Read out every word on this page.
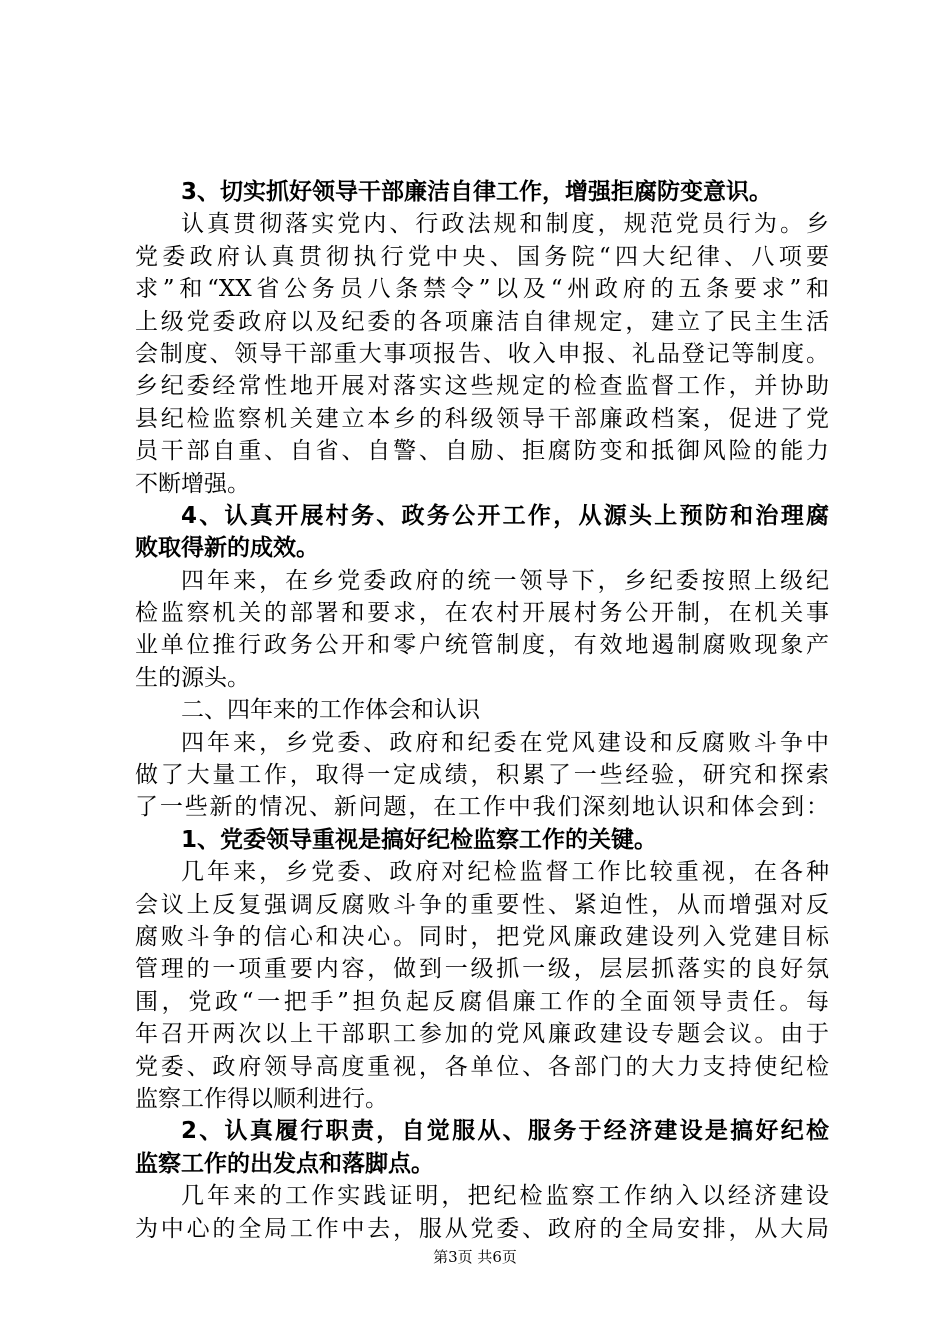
3、切实抓好领导干部廉洁自律工作，增强拒腐防变意识。
认真贯彻落实党内、行政法规和制度，规范党员行为。乡
党委政府认真贯彻执行党中央、国务院“四大纪律、八项要
求”和“XX省公务员八条禁令”以及“州政府的五条要求”和
上级党委政府以及纪委的各项廉洁自律规定，建立了民主生活
会制度、领导干部重大事项报告、收入申报、礼品登记等制度。
乡纪委经常性地开展对落实这些规定的检查监督工作，并协助
县纪检监察机关建立本乡的科级领导干部廉政档案，促进了党
员干部自重、自省、自警、自励、拒腐防变和抵御风险的能力
不断增强。
4、认真开展村务、政务公开工作，从源头上预防和治理腐
败取得新的成效。
四年来，在乡党委政府的统一领导下，乡纪委按照上级纪
检监察机关的部署和要求，在农村开展村务公开制，在机关事
业单位推行政务公开和零户统管制度，有效地遏制腐败现象产
生的源头。
二、四年来的工作体会和认识
四年来，乡党委、政府和纪委在党风建设和反腐败斗争中
做了大量工作，取得一定成绩，积累了一些经验，研究和探索
了一些新的情况、新问题，在工作中我们深刻地认识和体会到：
1、党委领导重视是搞好纪检监察工作的关键。
几年来，乡党委、政府对纪检监督工作比较重视，在各种
会议上反复强调反腐败斗争的重要性、紧迫性，从而增强对反
腐败斗争的信心和决心。同时，把党风廉政建设列入党建目标
管理的一项重要内容，做到一级抓一级，层层抓落实的良好氛
围，党政“一把手”担负起反腐倡廉工作的全面领导责任。每
年召开两次以上干部职工参加的党风廉政建设专题会议。由于
党委、政府领导高度重视，各单位、各部门的大力支持使纪检
监察工作得以顺利进行。
2、认真履行职责，自觉服从、服务于经济建设是搞好纪检
监察工作的出发点和落脚点。
几年来的工作实践证明，把纪检监察工作纳入以经济建设
为中心的全局工作中去，服从党委、政府的全局安排，从大局
第3页 共6页
